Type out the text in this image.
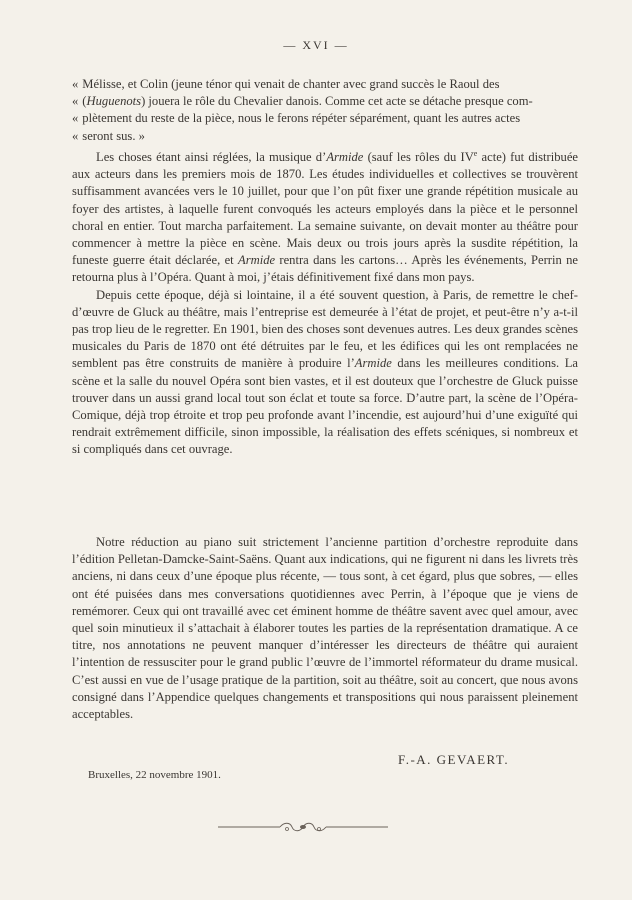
— XVI —
« Mélisse, et Colin (jeune ténor qui venait de chanter avec grand succès le Raoul des
« (Huguenots) jouera le rôle du Chevalier danois. Comme cet acte se détache presque com-
« plètement du reste de la pièce, nous le ferons répéter séparément, quant les autres actes
« seront sus. »

Les choses étant ainsi réglées, la musique d’Armide (sauf les rôles du IVe acte) fut distribuée aux acteurs dans les premiers mois de 1870. Les études individuelles et collectives se trouvèrent suffisamment avancées vers le 10 juillet, pour que l’on pût fixer une grande répétition musicale au foyer des artistes, à laquelle furent convoqués les acteurs employés dans la pièce et le personnel choral en entier. Tout marcha parfaitement. La semaine suivante, on devait monter au théâtre pour commencer à mettre la pièce en scène. Mais deux ou trois jours après la susdite répétition, la funeste guerre était déclarée, et Armide rentra dans les cartons… Après les événements, Perrin ne retourna plus à l’Opéra. Quant à moi, j’étais définitivement fixé dans mon pays.

Depuis cette époque, déjà si lointaine, il a été souvent question, à Paris, de remettre le chef-d’œuvre de Gluck au théâtre, mais l’entreprise est demeurée à l’état de projet, et peut-être n’y a-t-il pas trop lieu de le regretter. En 1901, bien des choses sont devenues autres. Les deux grandes scènes musicales du Paris de 1870 ont été détruites par le feu, et les édifices qui les ont remplacées ne semblent pas être construits de manière à produire l’Armide dans les meilleures conditions. La scène et la salle du nouvel Opéra sont bien vastes, et il est douteux que l’orchestre de Gluck puisse trouver dans un aussi grand local tout son éclat et toute sa force. D’autre part, la scène de l’Opéra-Comique, déjà trop étroite et trop peu profonde avant l’incendie, est aujourd’hui d’une exiguïté qui rendrait extrêmement difficile, sinon impossible, la réalisation des effets scéniques, si nombreux et si compliqués dans cet ouvrage.

Notre réduction au piano suit strictement l’ancienne partition d’orchestre reproduite dans l’édition Pelletan-Damcke-Saint-Saëns. Quant aux indications, qui ne figurent ni dans les livrets très anciens, ni dans ceux d’une époque plus récente, — tous sont, à cet égard, plus que sobres, — elles ont été puisées dans mes conversations quotidiennes avec Perrin, à l’époque que je viens de remémorer. Ceux qui ont travaillé avec cet éminent homme de théâtre savent avec quel amour, avec quel soin minutieux il s’attachait à élaborer toutes les parties de la représentation dramatique. A ce titre, nos annotations ne peuvent manquer d’intéresser les directeurs de théâtre qui auraient l’intention de ressusciter pour le grand public l’œuvre de l’immortel réformateur du drame musical. C’est aussi en vue de l’usage pratique de la partition, soit au théâtre, soit au concert, que nous avons consigné dans l’Appendice quelques changements et transpositions qui nous paraissent pleinement acceptables.

F.-A. GEVAERT.
Bruxelles, 22 novembre 1901.
